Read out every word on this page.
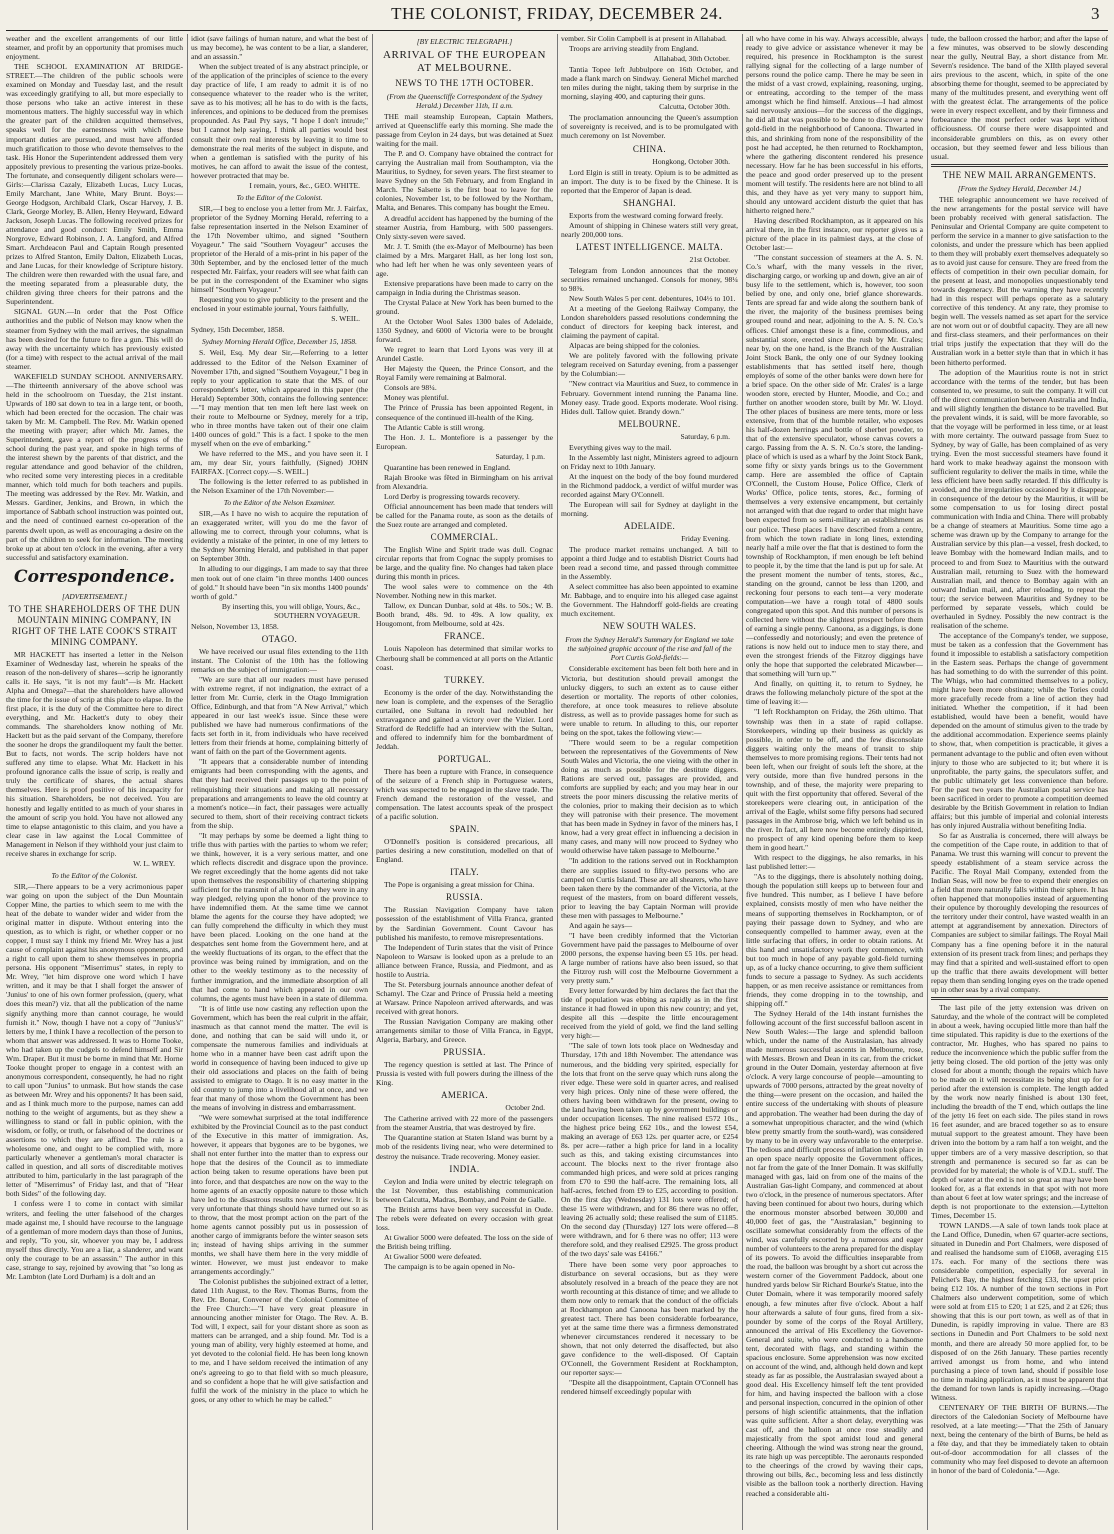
THE COLONIST, FRIDAY, DECEMBER 24.	3

weather and the excellent arrangements of our little steamer, and profit by an opportunity that promises much enjoyment.

THE SCHOOL EXAMINATION AT BRIDGE-STREET.—The children of the public schools were examined on Monday and Tuesday last, and the result was exceedingly gratifying to all, but more especially to those persons who take an active interest in these momentous matters. The highly successful way in which the greater part of the children acquitted themselves, speaks well for the earnestness with which these important duties are pursued, and must have afforded much gratification to those who devote themselves to the task. His Honor the Superintendent addressed them very appositely previous to presenting the various prize-books. The fortunate, and consequently diligent scholars were—Girls:—Clarissa Cazaly, Elizabeth Lucas, Lucy Lucas, Emily Marchant, Jane White, Mary Brunt. Boys:—George Hodgson, Archibald Clark, Oscar Harvey, J. B. Clark, George Morley, B. Allen, Henry Heyward, Edward Jackson, Joseph Lucas. The following received prizes for attendance and good conduct: Emily Smith, Emma Norgrove, Edward Robinson, J. A. Langford, and Alfred Smart. Archdeacon Paul and Captain Rough presented prizes to Alfred Stanton, Emily Dalton, Elizabeth Lucas, and Jane Lucas, for their knowledge of Scripture history. The children were then rewarded with the usual fare, and the meeting separated from a pleasurable duty, the children giving three cheers for their patrons and the Superintendent.

SIGNAL GUN.—In order that the Post Office authorities and the public of Nelson may know when the steamer from Sydney with the mail arrives, the signalman has been desired for the future to fire a gun. This will do away with the uncertainty which has previously existed (for a time) with respect to the actual arrival of the mail steamer.

WAKEFIELD SUNDAY SCHOOL ANNIVERSARY.—The thirteenth anniversary of the above school was held in the schoolroom on Tuesday, the 21st instant. Upwards of 180 sat down to tea in a large tent, or booth, which had been erected for the occasion. The chair was taken by Mr. M. Campbell. The Rev. Mr. Watkin opened the meeting with prayer; after which Mr. James, the Superintendent, gave a report of the progress of the school during the past year, and spoke in high terms of the interest shewn by the parents of that district, and the regular attendance and good behavior of the children, who recited some very interesting pieces in a creditable manner, which told much for both teachers and pupils. The meeting was addressed by the Rev. Mr. Watkin, and Messrs. Gardiner, Jenkins, and Brown, in which the importance of Sabbath school instruction was pointed out, and the need of continued earnest co-operation of the parents dwelt upon, as well as encouraging a desire on the part of the children to seek for information. The meeting broke up at about ten o'clock in the evening, after a very successful and satisfactory examination.

Correspondence.
[ADVERTISEMENT.]
TO THE SHAREHOLDERS OF THE DUN MOUNTAIN MINING COMPANY, IN RIGHT OF THE LATE COOK'S STRAIT MINING COMPANY.

MR HACKETT has inserted a letter in the Nelson Examiner of Wednesday last, wherein he speaks of the reason of the non-delivery of shares—scrip he ignorantly calls it. He says, "it is not my fault"—is Mr. Hackett Alpha and Omega?—that the shareholders have allowed the time for the issue of scrip at this place to elapse. In the first place, it is the duty of the Committee here to direct everything, and Mr. Hackett's duty to obey their commands. The shareholders know nothing of Mr. Hackett but as the paid servant of the Company, therefore the sooner he drops the grandiloquent my fault the better. But to facts, not words. The scrip holders have not suffered any time to elapse. What Mr. Hackett in his profound ignorance calls the issue of scrip, is really and truly the certificate of shares, the actual shares themselves. Here is proof positive of his incapacity for his situation. Shareholders, be not deceived. You are honestly and legally entitled to as much of your shares in the amount of scrip you hold. You have not allowed any time to elapse antagonistic to this claim, and you have a clear case in law against the Local Committee of Management in Nelson if they withhold your just claim to receive shares in exchange for scrip.

W. L. WREY.
To the Editor of the Colonist.

SIR,—There appears to be a very acrimonious paper war going on upon the subject of the Dun Mountain Copper Mine, the parties to which seem to me with the heat of the debate to wander wider and wider from the original matter in dispute. Without entering into the question, as to which is right, or whether copper or no copper, I must say I think my friend Mr. Wrey has a just cause of complaint against his anonymous opponents, and a right to call upon them to shew themselves in propria persona. His opponent "Miserrimus" states, in reply to Mr. Wrey, "let him disprove one word which I have written, and it may be that I shall forget the answer of 'Junius' to one of his own former profession, (query, what does this mean?) viz. that all the publication of the name signify anything more than cannot courage, he would furnish it." Now, though I have not a copy of "Junius's" letters by me, I think I have a recollection of the person to whom that answer was addressed. It was to Horne Tooke, who had taken up the cudgels to defend himself and Sir Wm. Draper. But it must be borne in mind that Mr. Horne Tooke thought proper to engage in a contest with an anonymous correspondent, consequently, he had no right to call upon "Junius" to unmask. But how stands the case as between Mr. Wrey and his opponents? It has been said, and as I think much more to the purpose, names can add nothing to the weight of arguments, but as they shew a willingness to stand or fall in public opinion, with the wisdom, or folly, or truth, or falsehood of the doctrines or assertions to which they are affixed. The rule is a wholesome one, and ought to be complied with, more particularly whenever a gentleman's moral character is called in question, and all sorts of discreditable motives attributed to him, particularly in the last paragraph of the letter of "Miserrimus" of Friday last, and that of "Hear both Sides" of the following day.

I confess were I to come in contact with similar writers, and feeling the utter falsehood of the charges made against me, I should have recourse to the language of a gentleman of more modern days than those of Junius, and reply, "To you, sir, whoever you may be, I address myself thus directly. You are a liar, a slanderer, and want only the courage to be an assassin." The author in this case, strange to say, rejoined by avowing that "so long as Mr. Lambton (late Lord Durham) is a dolt and an

idiot (save failings of human nature, and what the best of us may become), he was content to be a liar, a slanderer, and an assassin."

When the subject treated of is any abstract principle, or of the application of the principles of science to the every day practice of life, I am ready to admit it is of no consequence whatever to the reader who is the writer, save as to his motives; all he has to do with is the facts, inferences, and opinions to be deduced from the premises propounded. As Paul Pry says, "I hope I don't intrude;" but I cannot help saying, I think all parties would best consult their own real interests by leaving it to time to demonstrate the real merits of the subject in dispute, and when a gentleman is satisfied with the purity of his motives, he can afford to await the issue of the contest, however protracted that may be.

I remain, yours, &c., GEO. WHITE.
To the Editor of the Colonist.

SIR,—I beg to enclose you a letter from Mr. J. Fairfax, proprietor of the Sydney Morning Herald, referring to a false representation inserted in the Nelson Examiner of the 17th November ultimo, and signed "Southern Voyageur." The said "Southern Voyageur" accuses the proprietor of the Herald of a mis-print in his paper of the 30th September, and by the enclosed letter of the much respected Mr. Fairfax, your readers will see what faith can be put in the correspondent of the Examiner who signs himself "Southern Voyageur."

Requesting you to give publicity to the present and the enclosed in your estimable journal, Yours faithfully,

S. WEIL.

Sydney, 15th December, 1858.

Sydney Morning Herald Office, December 15, 1858.

S. Weil, Esq. My dear Sir,—Referring to a letter addressed to the Editor of the Nelson Examiner of November 17th, and signed "Southern Voyageur," I beg in reply to your application to state that the MS. of our correspondent's letter, which appeared in this paper (the Herald) September 30th, contains the following sentence:—"I may mention that ten men left here last week on their route to Melbourne or Sydney, merely for a trip, who in three months have taken out of their one claim 1400 ounces of gold." This is a fact. I spoke to the men myself when on the eve of embarking."

We have referred to the MS., and you have seen it. I am, my dear Sir, yours faithfully, (Signed) JOHN FAIRFAX. [Correct copy.—S. WEIL.]

The following is the letter referred to as published in the Nelson Examiner of the 17th November:—

To the Editor of the Nelson Examiner.

SIR,—As I have no wish to acquire the reputation of an exaggerated writer, will you do me the favor of allowing me to correct, through your columns, what is evidently a mistake of the printer, in one of my letters to the Sydney Morning Herald, and published in that paper on September 30th.

In alluding to our diggings, I am made to say that three men took out of one claim "in three months 1400 ounces of gold." It should have been "in six months 1400 pounds' worth of gold."

By inserting this, you will oblige, Yours, &c., SOUTHERN VOYAGEUR.

Nelson, November 13, 1858.

OTAGO.

We have received our usual files extending to the 11th instant. The Colonist of the 10th has the following remarks on the subject of immigration:—

"We are sure that all our readers must have perused with extreme regret, if not indignation, the extract of a letter from Mr. Currie, clerk in the Otago Immigration Office, Edinburgh, and that from "A New Arrival," which appeared in our last week's issue. Since these were published we have had numerous confirmations of the facts set forth in it, from individuals who have received letters from their friends at home, complaining bitterly of want of faith on the part of the Government agents.

"It appears that a considerable number of intending emigrants had been corresponding with the agents, and that they had received their passages up to the point of relinquishing their situations and making all necessary preparations and arrangements to leave the old country at a moment's notice—in fact, their passages were actually secured to them, short of their receiving contract tickets from the ship.

"It may perhaps by some be deemed a light thing to trifle thus with parties with the parties to whom we refer; we think, however, it is a very serious matter, and one which reflects discredit and disgrace upon the province. We regret exceedingly that the home agents did not take upon themselves the responsibility of chartering shipping sufficient for the transmit of all to whom they were in any way pledged, relying upon the honor of the province to have indemnified them. At the same time we cannot blame the agents for the course they have adopted; we can fully comprehend the difficulty in which they must have been placed. Looking on the one hand at the despatches sent home from the Government here, and at the weekly fluctuations of its organ, to the effect that the province was being ruined by immigration, and on the other to the weekly testimony as to the necessity of further immigration, and the immediate absorption of all that had come to hand which appeared in our own columns, the agents must have been in a state of dilemma.

"It is of little use now casting any reflection upon the Government, which has been the real culprit in the affair, inasmuch as that cannot mend the matter. The evil is done, and nothing that can be said will undo it, or compensate the numerous families and individuals at home who in a manner have been cast adrift upon the world in consequence of having been induced to give up their old associations and places on the faith of being assisted to emigrate to Otago. It is no easy matter in the old country to jump into a livelihood all at once, and we fear that many of those whom the Government has been the means of involving in distress and embarrassment.

"We were somewhat surprised at the total indifference exhibited by the Provincial Council as to the past conduct of the Executive in this matter of immigration. As, however, it appears that bygones are to be bygones, we shall not enter further into the matter than to express our hope that the desires of the Council as to immediate action being taken to resume operations have been put into force, and that despatches are now on the way to the home agents of an exactly opposite nature to those which have led to the disastrous results now under review. It is very unfortunate that things should have turned out so as to throw, that the most prompt action on the part of the home agents cannot possibly put us in possession of another cargo of immigrants before the winter season sets in; instead of having ships arriving in the summer months, we shall have them here in the very middle of winter. However, we must just endeavor to make arrangements accordingly."

The Colonist publishes the subjoined extract of a letter, dated 11th August, to the Rev. Thomas Burns, from the Rev. Dr. Bonar, Convener of the Colonial Committee of the Free Church:—"I have very great pleasure in announcing another minister for Otago. The Rev. A. B. Tod will, I expect, sail for your distant shore as soon as matters can be arranged, and a ship found. Mr. Tod is a young man of ability, very highly esteemed at home, and yet devoted to the colonial field. He has been long known to me, and I have seldom received the intimation of any one's agreeing to go to that field with so much pleasure, and so confident a hope that he will give satisfaction and fulfil the work of the ministry in the place to which he goes, or any other to which he may be called."

[BY ELECTRIC TELEGRAPH.]
ARRIVAL OF THE EUROPEAN AT MELBOURNE.
NEWS TO THE 17TH OCTOBER.
(From the Queenscliffe Correspondent of the Sydney Herald.) December 11th, 11 a.m.

THE mail steamship European, Captain Mathers, arrived at Queenscliffe early this morning. She made the passage from Ceylon in 24 days, but was detained at Suez waiting for the mail.

The P. and O. Company have obtained the contract for carrying the Australian mail from Southampton, via the Mauritius, to Sydney, for seven years. The first steamer to leave Sydney on the 5th February, and from England in March. The Salsette is the first boat to leave for the colonies, November 1st, to be followed by the Northam, Malta, and Benares. This company has bought the Emeu.

A dreadful accident has happened by the burning of the steamer Austria, from Hamburg, with 500 passengers. Only sixty-seven were saved.

Mr. J. T. Smith (the ex-Mayor of Melbourne) has been claimed by a Mrs. Margaret Hall, as her long lost son, who had left her when he was only seventeen years of age.

Extensive preparations have been made to carry on the campaign in India during the Christmas season.

The Crystal Palace at New York has been burned to the ground.

At the October Wool Sales 1300 bales of Adelaide, 1350 Sydney, and 6000 of Victoria were to be brought forward.

We regret to learn that Lord Lyons was very ill at Arundel Castle.

Her Majesty the Queen, the Prince Consort, and the Royal Family were remaining at Balmoral.

Consols are 98¼.

Money was plentiful.

The Prince of Prussia has been appointed Regent, in consequence of the continued ill-health of the King.

The Atlantic Cable is still wrong.

The Hon. J. L. Montefiore is a passenger by the European.

Saturday, 1 p.m.

Quarantine has been renewed in England.

Rajah Brooke was fêted in Birmingham on his arrival from Alexandria.

Lord Derby is progressing towards recovery.

Official announcement has been made that tenders will be called for the Panama route, as soon as the details of the Suez route are arranged and completed.

COMMERCIAL.

The English Wine and Spirit trade was dull. Cognac circular reports that from Cognac the supply promises to be large, and the quality fine. No changes had taken place during this month in prices.

The wool sales were to commence on the 4th November. Nothing new in this market.

Tallow, ex Duncan Dunbar, sold at 48s. to 50s.; W. B. Booth brand, 48s. 9d. to 49s. A low quality, ex Hougomont, from Melbourne, sold at 42s.

FRANCE.

Louis Napoleon has determined that similar works to Cherbourg shall be commenced at all ports on the Atlantic coast.

TURKEY.

Economy is the order of the day. Notwithstanding the new loan is complete, and the expenses of the Seraglio curtailed, one Sultana in revolt had redoubled her extravagance and gained a victory over the Vizier. Lord Stratford de Redcliffe had an interview with the Sultan, and offered to indemnify him for the bombardment of Jeddah.

PORTUGAL.

There has been a rupture with France, in consequence of the seizure of a French ship in Portuguese waters, which was suspected to be engaged in the slave trade. The French demand the restoration of the vessel, and compensation. The latest accounts speak of the prospect of a pacific solution.

SPAIN.

O'Donnell's position is considered precarious, all parties desiring a new constitution, modelled on that of England.

ITALY.

The Pope is organising a great mission for China.

RUSSIA.

The Russian Navigation Company have taken possession of the establishment of Villa Franca, granted by the Sardinian Government. Count Cavour has published his manifesto, to remove misrepresentations.

The Independent of Turin states that the visit of Prince Napoleon to Warsaw is looked upon as a prelude to an alliance between France, Russia, and Piedmont, and as hostile to Austria.

The St. Petersburg journals announce another defeat of Schamyl. The Czar and Prince of Prussia held a meeting at Warsaw. Prince Napoleon arrived afterwards, and was received with great honors.

The Russian Navigation Company are making other arrangements similar to those of Villa Franca, in Egypt, Algeria, Barbary, and Greece.

PRUSSIA.

The regency question is settled at last. The Prince of Prussia is vested with full powers during the illness of the King.

AMERICA.
October 2nd.

The Catherine arrived with 22 more of the passengers from the steamer Austria, that was destroyed by fire.

The Quarantine station at Staten Island was burnt by a mob of the residents living near, who were determined to destroy the nuisance. Trade recovering. Money easier.

INDIA.

Ceylon and India were united by electric telegraph on the 1st November, thus establishing communication between Calcutta, Madras, Bombay, and Point de Galle.

The British arms have been very successful in Oude. The rebels were defeated on every occasion with great loss.

At Gwalior 5000 were defeated. The loss on the side of the British being trifling.

At Gwalior 5000 were defeated.

The campaign is to be again opened in No-

vember. Sir Colin Campbell is at present in Allahabad.

Troops are arriving steadily from England.

Allahabad, 30th October.

Tantia Topee left Jubbulpore on 16th October, and made a flank march on Sindway. General Michel marched ten miles during the night, taking them by surprise in the morning, slaying 400, and capturing their guns.

Calcutta, October 30th.

The proclamation announcing the Queen's assumption of sovereignty is received, and is to be promulgated with much ceremony on 1st November.

CHINA.
Hongkong, October 30th.

Lord Elgin is still in treaty. Opium is to be admitted as an import. The duty is to be fixed by the Chinese. It is reported that the Emperor of Japan is dead.

SHANGHAI.

Exports from the westward coming forward freely.

Amount of shipping in Chinese waters still very great, nearly 200,000 tons.

LATEST INTELLIGENCE. MALTA.
21st October.

Telegram from London announces that the money securities remained unchanged. Consols for money, 98¼ to 98⅜.

New South Wales 5 per cent. debentures, 104½ to 101.

At a meeting of the Geelong Railway Company, the London shareholders passed resolutions condemning the conduct of directors for keeping back interest, and claiming the payment of capital.

Alpacas are being shipped for the colonies.

We are politely favored with the following private telegram received on Saturday evening, from a passenger by the Columbian:—

"New contract via Mauritius and Suez, to commence in February. Government intend running the Panama line. Money easy. Trade good. Exports moderate. Wool rising. Hides dull. Tallow quiet. Brandy down."

MELBOURNE.
Saturday, 6 p.m.

Everything gives way to the mail.

In the Assembly last night, Ministers agreed to adjourn on Friday next to 10th January.

At the inquest on the body of the boy found murdered in the Richmond paddock, a verdict of wilful murder was recorded against Mary O'Connell.

The European will sail for Sydney at daylight in the morning.

ADELAIDE.
Friday Evening.

The produce market remains unchanged. A bill to appoint a third Judge and to establish District Courts had been read a second time, and passed through committee in the Assembly.

A select committee has also been appointed to examine Mr. Babbage, and to enquire into his alleged case against the Government. The Hahndorff gold-fields are creating much excitement.

NEW SOUTH WALES.
From the Sydney Herald's Summary for England we take the subjoined graphic account of the rise and fall of the Port Curtis Gold-fields:—

Considerable excitement has been felt both here and in Victoria, but destitution should prevail amongst the unlucky diggers, to such an extent as to cause either desertion or mortality. The reports of other colonies, therefore, at once took measures to relieve absolute distress, as well as to provide passages home for such as were unable to return. In alluding to this, our reporter being on the spot, takes the following view:—

"There would seem to be a regular competition between the representatives of the Governments of New South Wales and Victoria, the one vieing with the other in doing as much as possible for the destitute diggers. Rations are served out, passages are provided, and comforts are supplied by each; and you may hear in our streets the poor miners discussing the relative merits of the colonies, prior to making their decision as to which they will patronise with their presence. The movement that has been made in Sydney in favor of the miners has, I know, had a very great effect in influencing a decision in many cases, and many will now proceed to Sydney who would otherwise have taken passage to Melbourne."

"In addition to the rations served out in Rockhampton there are supplies issued to fifty-two persons who are camped on Curtis Island. These are all shearers, who have been taken there by the commander of the Victoria, at the request of the masters, from on board different vessels, prior to leaving the bay Captain Norman will provide these men with passages to Melbourne."

And again he says—

"I have been credibly informed that the Victorian Government have paid the passages to Melbourne of over 2000 persons, the expense having been £5 10s. per head. A large number of rations have also been issued, so that the Fitzroy rush will cost the Melbourne Government a very pretty sum."

Every letter forwarded by him declares the fact that the tide of population was ebbing as rapidly as in the first instance it had flowed in upon this new country; and yet, despite all this —despite the little encouragement received from the yield of gold, we find the land selling very high:—

"The sale of town lots took place on Wednesday and Thursday, 17th and 18th November. The attendance was numerous, and the bidding very spirited, especially for the lots that front on the serve quay which runs along the river edge. These were sold in quarter acres, and realised very high prices. Only nine of these were offered, the others having been withdrawn for the present, owing to the land having been taken up by government buildings or under occupation licenses. The nine realised £572 10s., the highest price being £62 10s., and the lowest £54, making an average of £63 12s. per quarter acre, or £254 8s. per acre—rather a high price for land in a locality such as this, and taking existing circumstances into account. The blocks next to the river frontage also commanded high prices, and were sold at prices ranging from £70 to £90 the half-acre. The remaining lots, all half-acres, fetched from £9 to £25, according to position. On the first day (Wednesday) 131 lots were offered; of these 15 were withdrawn, and for 86 there was no offer, leaving 26 actually sold; these realised the sum of £1185. On the second day (Thursday) 127 lots were offered—8 were withdrawn, and for 6 there was no offer; 113 were therefore sold, and they realised £2925. The gross product of the two days' sale was £4166."

There have been some very poor approaches to disturbance on several occasions, but as they were absolutely resolved in a breach of the peace they are not worth recounting at this distance of time; and we allude to them now only to remark that the conduct of the officials at Rockhampton and Canoona has been marked by the greatest tact. There has been considerable forbearance, yet at the same time there was a firmness demonstrated whenever circumstances rendered it necessary to be shown, that not only deterred the disaffected, but also gave confidence to the well-disposed. Of Captain O'Connell, the Government Resident at Rockhampton, our reporter says:—

"Despite all the disappointment, Captain O'Connell has rendered himself exceedingly popular with

all who have come in his way. Always accessible, always ready to give advice or assistance whenever it may be required, his presence in Rockhampton is the surest rallying signal for the collecting of a large number of persons round the police camp. There he may be seen in the midst of a vast crowd, explaining, reasoning, urging, or entreating, according to the temper of the mass amongst which he find himself. Anxious—I had almost said nervously anxious—for the success of the diggings, he did all that was possible to be done to discover a new gold-field in the neighborhood of Canoona. Thwarted in this, and shrinking from none of the responsibility of the post he had accepted, he then returned to Rockhampton, where the gathering discontent rendered his presence necessary. How far he has been successful in his efforts, the peace and good order preserved up to the present moment will testify. The residents here are not blind to all this, and they have as yet very many to support him, should any untoward accident disturb the quiet that has hitherto reigned here."

Having described Rockhampton, as it appeared on his arrival there, in the first instance, our reporter gives us a picture of the place in its palmiest days, at the close of October last:—

"The constant succession of steamers at the A. S. N. Co.'s wharf, with the many vessels in the river, discharging cargo, or working up and down, give an air of busy life to the settlement, which is, however, too soon belied by one, and only one, brief glance shorewards. Tents are spread far and wide along the southern bank of the river, the majority of the business premises being grouped round and near, adjoining to the A. S. N. Co.'s offices. Chief amongst these is a fine, commodious, and substantial store, erected since the rush by Mr. Crales; near by, on the one hand, is the Branch of the Australian Joint Stock Bank, the only one of our Sydney looking establishments that has settled itself here, though employés of some of the other banks were down here for a brief space. On the other side of Mr. Crales' is a large wooden store, erected by Hunter, Moodie, and Co.; and further on another wooden store, built by Mr. W. Lloyd. The other places of business are mere tents, more or less extensive, from that of the humble retailer, who exposes his half-dozen herrings and bottle of sherbet powder, to that of the extensive speculator, whose canvas covers a cargo. Passing from the A. S. N. Co.'s store, the landing-place of which is used as a wharf by the Joint Stock Bank, some fifty or sixty yards brings us to the Government camp. Here are assembled the office of Captain O'Connell, the Custom House, Police Office, Clerk of Works' Office, police tents, stores, &c., forming of themselves a very extensive encampment, but certainly not arranged with that due regard to order that might have been expected from so semi-military an establishment as our police. These places I have described from a centre, from which the town radiate in long lines, extending nearly half a mile over the flat that is destined to form the township of Rockhampton, if men enough be left behind to people it, by the time that the land is put up for sale. At the present moment the number of tents, stores, &c., standing on the ground, cannot be less than 1200, and reckoning four persons to each tent—a very moderate computation—we have a rough total of 4800 souls congregated upon this spot. And this number of persons is collected here without the slightest prospect before them of earning a single penny. Canoona, as a diggings, is done—confessedly and notoriously; and even the pretence of rations is now held out to induce men to stay there, and even the strongest friends of the Fitzroy diggings have only the hope that supported the celebrated Micawber—that something will 'turn up.'"

And finally, on quitting it, to return to Sydney, he draws the following melancholy picture of the spot at the time of leaving it:—

"I left Rockhampton on Friday, the 26th ultimo. That township was then in a state of rapid collapse. Storekeepers, winding up their business as quickly as possible, in order to be off, and the few disconsolate diggers waiting only the means of transit to ship themselves to more promising regions. Their tents had not been left, when our freight of souls left the shore, at the very outside, more than five hundred persons in the township, and of these, the majority were preparing to quit with the first opportunity that offered. Several of the storekeepers were clearing out, in anticipation of the arrival of the Eagle, whilst some fifty persons had secured passages in the Ambrose brig, which we left behind us in the river. In fact, all here now become entirely dispirited, no prospect of any kind opening before them to keep them in good heart."

With respect to the diggings, he also remarks, in his last published letter:—

"As to the diggings, there is absolutely nothing doing, though the population still keeps up to between four and five hundred. This number, as I believe I have before explained, consists mostly of men who have neither the means of supporting themselves in Rockhampton, or of paying their passage down to Sydney, and who are consequently compelled to hammer away, even at the little surfacing that offers, in order to obtain rations. At this hand and unsatisfactory work they commence, with but too much in hope of any payable gold-field turning up, as of a lucky chance occurring, to give them sufficient funds to secure a passage to Sydney. As such accidents happen, or as men receive assistance or remittances from friends, they come dropping in to the township, and shipping off."

The Sydney Herald of the 14th instant furnishes the following account of the first successful balloon ascent in New South Wales:—The large and splendid balloon which, under the name of the Australasian, has already made numerous successful ascents in Melbourne, rose, with Messrs. Brown and Dean in its car, from the cricket ground in the Outer Domain, yesterday afternoon at five o'clock. A very large concourse of people—amounting to upwards of 7000 persons, attracted by the great novelty of the thing—were present on the occasion, and hailed the entire success of the undertaking with shouts of pleasure and approbation. The weather had been during the day of a somewhat unpropitious character, and the wind (which blew pretty smartly from the south-ward), was considered by many to be in every way unfavorable to the enterprise. The tedious and difficult process of inflation took place in an open space nearly opposite the Government offices, not far from the gate of the Inner Domain. It was skilfully managed with gas, laid on from one of the mains of the Australian Gas-light Company, and commenced at about two o'clock, in the presence of numerous spectators. After having been continued for about two hours, during which the enormous monster absorbed between 30,000 and 40,000 feet of gas, the "Australasian," beginning to oscillate somewhat considerably from the effects of the wind, was carefully escorted by a numerous and eager number of volunteers to the arena prepared for the display of its powers. To avoid the difficulties inseparable from the road, the balloon was brought by a short cut across the western corner of the Government Paddock, about one hundred yards below Sir Richard Bourke's Statue, into the Outer Domain, where it was temporarily moored safely enough, a few minutes after five o'clock. About a half hour afterwards a salute of four guns, fired from a six-pounder by some of the corps of the Royal Artillery, announced the arrival of His Excellency the Governor-General and suite, who were conducted to a handsome tent, decorated with flags, and standing within the spacious enclosure. Some apprehension was now excited on account of the wind, and, although held down and kept steady as far as possible, the Australasian swayed about a good deal. His Excellency himself left the tent provided for him, and having inspected the balloon with a close and personal inspection, concurred in the opinion of other persons of high scientific attainments, that the inflation was quite sufficient. After a short delay, everything was cast off, and the balloon at once rose steadily and majestically from the spot amidst loud and general cheering. Although the wind was strong near the ground, its rate high up was perceptible. The aeronauts responded to the cheerings of the crowd by waving their caps, throwing out bills, &c., becoming less and less distinctly visible as the balloon took a northerly direction. Having reached a considerable alti-

tude, the balloon crossed the harbor; and after the lapse of a few minutes, was observed to be slowly descending near the gully, Neutral Bay, a short distance from Mr. Severn's residence. The band of the XIIth played several airs previous to the ascent, which, in spite of the one absorbing theme for thought, seemed to be appreciated by many of the multitudes present, and everything went off with the greatest éclat. The arrangements of the police were in every respect excellent, and by their firmness and forbearance the most perfect order was kept without officiousness. Of course there were disappointed and inconsiderable grumblers on this, as on every other occasion, but they seemed fewer and less bilious than usual.

THE NEW MAIL ARRANGEMENTS.
[From the Sydney Herald, December 14.]

THE telegraphic announcement we have received of the new arrangements for the postal service will have been probably received with general satisfaction. The Peninsular and Oriental Company are quite competent to perform the service in a manner to give satisfaction to the colonists, and under the pressure which has been applied to them they will probably exert themselves adequately so as to avoid just cause for censure. They are freed from the effects of competition in their own peculiar domain, for the present at least, and monopolies unquestionably tend towards degeneracy. But the warning they have recently had in this respect will perhaps operate as a salutary corrective of this tendency. At any rate, they promise to begin well. The vessels named as set apart for the service are not worn out or of doubtful capacity. They are all new and first-class steamers, and their performances on their trial trips justify the expectation that they will do the Australian work in a better style than that in which it has been hitherto performed.

The adoption of the Mauritius route is not in strict accordance with the terms of the tender, but has been consented to, we presume, to suit the company. It will cut off the direct communication between Australia and India, and will slightly lengthen the distance to be travelled. But the prevalent winds, it is said, will be more favorable, so that the voyage will be performed in less time, or at least with more certainty. The outward passage from Suez to Sydney, by way of Galle, has been complained of as very trying. Even the most successful steamers have found it hard work to make headway against the monsoon with sufficient regularity to deliver the mails in time, while the less efficient have been sadly retarded. If this difficulty is avoided, and the irregularities occasioned by it disappear, in consequence of the detour by the Mauritius, it will be some compensation to us for losing direct postal communication with India and China. There will probably be a change of steamers at Mauritius. Some time ago a scheme was drawn up by the Company to arrange for the Australian service by this plan—a vessel, fresh docked, to leave Bombay with the homeward Indian mails, and to proceed to and from Suez to Mauritius with the outward Australian mail, returning to Suez with the homeward Australian mail, and thence to Bombay again with an outward Indian mail, and, after reloading, to repeat the tour; the service between Mauritius and Sydney to be performed by separate vessels, which could be overhauled in Sydney. Possibly the new contract is the realisation of the scheme.

The acceptance of the Company's tender, we suppose, must be taken as a confession that the Government has found it impossible to establish a satisfactory competition in the Eastern seas. Perhaps the change of government has had something to do with the surrender of this point. The Whigs, who had committed themselves to a policy, might have been more obstinate; while the Tories could more gracefully recede from a line of action they had initiated. Whether the competition, if it had been established, would have been a benefit, would have depended on the amount of stimulus given to the trade by the additional accommodation. Experience seems plainly to show, that, when competition is practicable, it gives a permanent advantage to the public and often even without injury to those who are subjected to it; but where it is unprofitable, the party gains, the speculators suffer, and the public ultimately get less convenience than before. For the past two years the Australian postal service has been sacrificed in order to promote a competition deemed desirable by the British Government in relation to Indian affairs; but this jumble of imperial and colonial interests has only injured Australia without benefiting India.

So far as Australia is concerned, there will always be the competition of the Cape route, in addition to that of Panama. We trust this warning will concur to prevent the speedy establishment of a steam service across the Pacific. The Royal Mail Company, extended from the Indian Seas, will now be free to expend their energies on a field that more naturally falls within their sphere. It has often happened that monopolies instead of arguementing their opulence by thoroughly developing the resources of the territory under their control, have wasted wealth in an attempt at aggrandisement by annexation. Directors of Companies are subject to similar failings. The Royal Mail Company has a fine opening before it in the natural extension of its present track from lines; and perhaps they may find that a spirited and well-sustained effort to open up the traffic that there awaits development will better repay them than sending longing eyes on the trade opened up in other seas by a rival company.

The last pile of the jetty extension was driven on Saturday, and the whole of the contract will be completed in about a week, having occupied little more than half the time stipulated. This rapidity is due to the exertions of the contractor, Mr. Hughes, who has spared no pains to reduce the inconvenience which the public suffer from the jetty being closed. The old portion of the jetty was only closed for about a month; though the repairs which have to be made on it will necessitate its being shut up for a period after the extension is complete. The length added by the work now nearly finished is about 130 feet, including the breadth of the T end, which outlaps the line of the jetty 16 feet on each side. The piles stand in rows 16 feet asunder, and are braced together so as to ensure mutual support to the greatest amount. They have been driven into the bottom by a ram half a ton weight, and the upper timbers are of a very massive description, so that strength and permanence is secured so far as can be provided for by material; the whole is of V.D.L. stuff. The depth of water at the end is not so great as may have been looked for, as a flat extends in that spot with not more than about 6 feet at low water springs; and the increase of depth is not proportionate to the extension.—Lyttelton Times, December 15.

TOWN LANDS.—A sale of town lands took place at the Land Office, Dunedin, when 67 quarter-acre sections, situated in Dunedin and Port Chalmers, were disposed of and realised the handsome sum of £1068, averaging £15 17s. each. For many of the sections there was considerable competition, especially for several in Pelichet's Bay, the highest fetching £33, the upset price being £12 10s. A number of the town sections in Port Chalmers also underwent competition, some of which were sold at from £15 to £20; 1 at £25, and 2 at £26; thus showing that this is our port town, as well as of that in Dunedin, is rapidly improving in value. There are 83 sections in Dunedin and Port Chalmers to be sold next month, and there are already 50 more applied for, to be disposed of on the 26th January. These parties recently arrived amongst us from home, and who intend purchasing a piece of town land, should if possible lose no time in making application, as it must be apparent that the demand for town lands is rapidly increasing.—Otago Witness.

CENTENARY OF THE BIRTH OF BURNS.—The directors of the Caledonian Society of Melbourne have resolved, at a late meeting:—"That the 25th of January next, being the centenary of the birth of Burns, be held as a fête day, and that they be immediately taken to obtain out-of-door accommodation for all classes of the community who may feel disposed to devote an afternoon in honor of the bard of Coledonia."—Age.
